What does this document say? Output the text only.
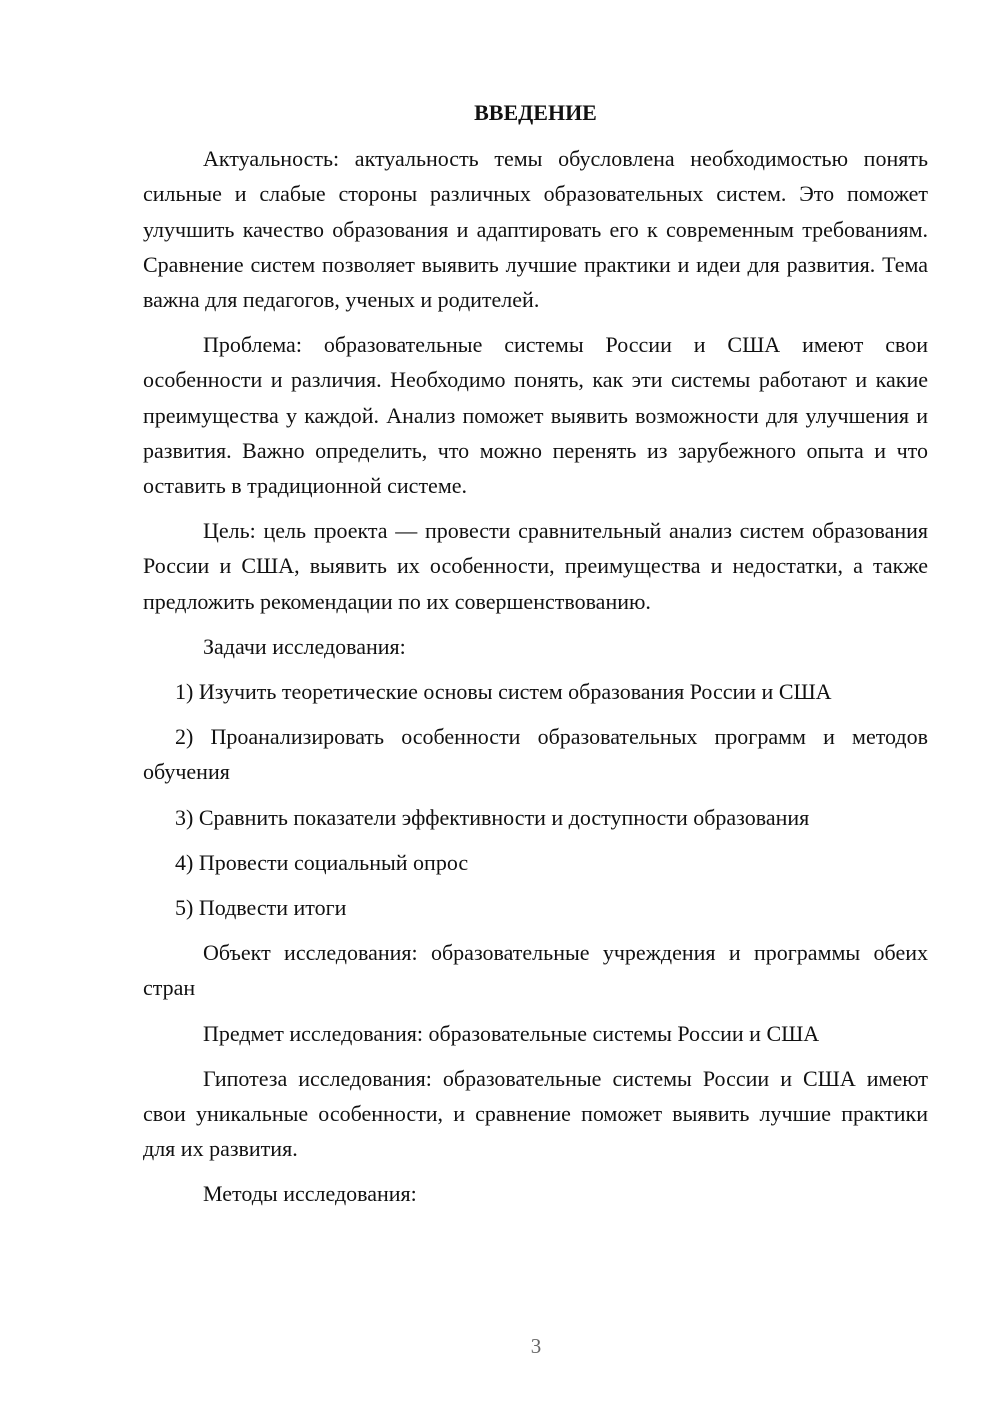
ВВЕДЕНИЕ

Актуальность: актуальность темы обусловлена необходимостью понять сильные и слабые стороны различных образовательных систем. Это поможет улучшить качество образования и адаптировать его к современным требованиям. Сравнение систем позволяет выявить лучшие практики и идеи для развития. Тема важна для педагогов, ученых и родителей.

Проблема: образовательные системы России и США имеют свои особенности и различия. Необходимо понять, как эти системы работают и какие преимущества у каждой. Анализ поможет выявить возможности для улучшения и развития. Важно определить, что можно перенять из зарубежного опыта и что оставить в традиционной системе.

Цель: цель проекта — провести сравнительный анализ систем образования России и США, выявить их особенности, преимущества и недостатки, а также предложить рекомендации по их совершенствованию.

Задачи исследования:

1) Изучить теоретические основы систем образования России и США

2) Проанализировать особенности образовательных программ и методов обучения

3) Сравнить показатели эффективности и доступности образования

4) Провести социальный опрос

5) Подвести итоги

Объект исследования: образовательные учреждения и программы обеих стран

Предмет исследования: образовательные системы России и США

Гипотеза исследования: образовательные системы России и США имеют свои уникальные особенности, и сравнение поможет выявить лучшие практики для их развития.

Методы исследования:

3
